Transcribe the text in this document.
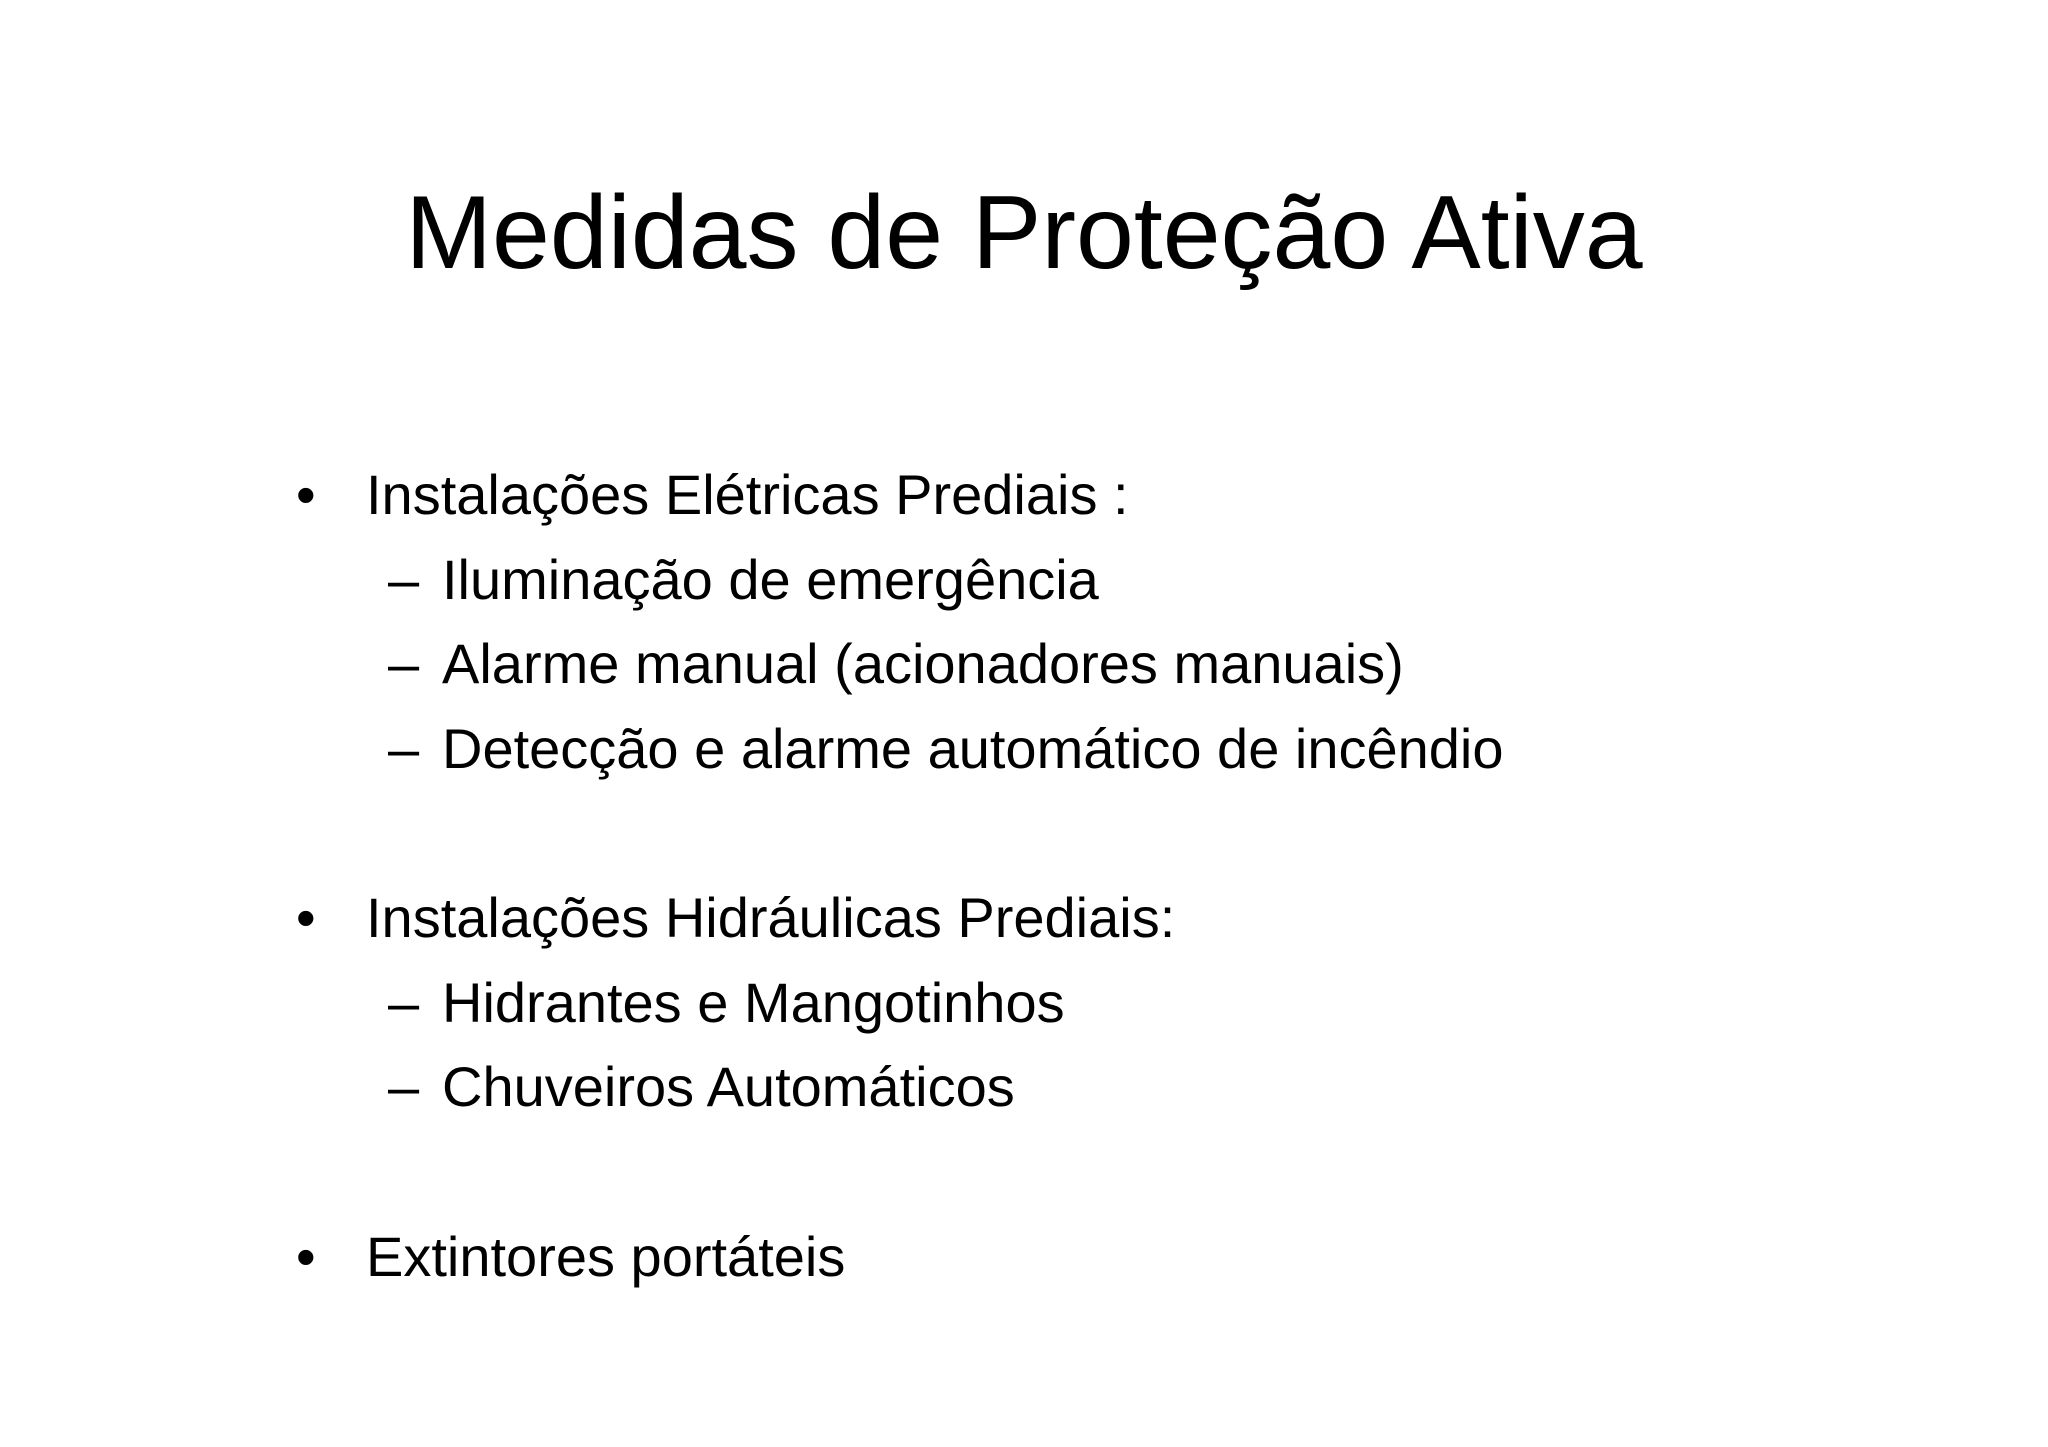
Medidas de Proteção Ativa
• Instalações Elétricas Prediais :
– Iluminação de emergência
– Alarme manual (acionadores manuais)
– Detecção e alarme automático de incêndio
• Instalações Hidráulicas Prediais:
– Hidrantes e Mangotinhos
– Chuveiros Automáticos
• Extintores portáteis
